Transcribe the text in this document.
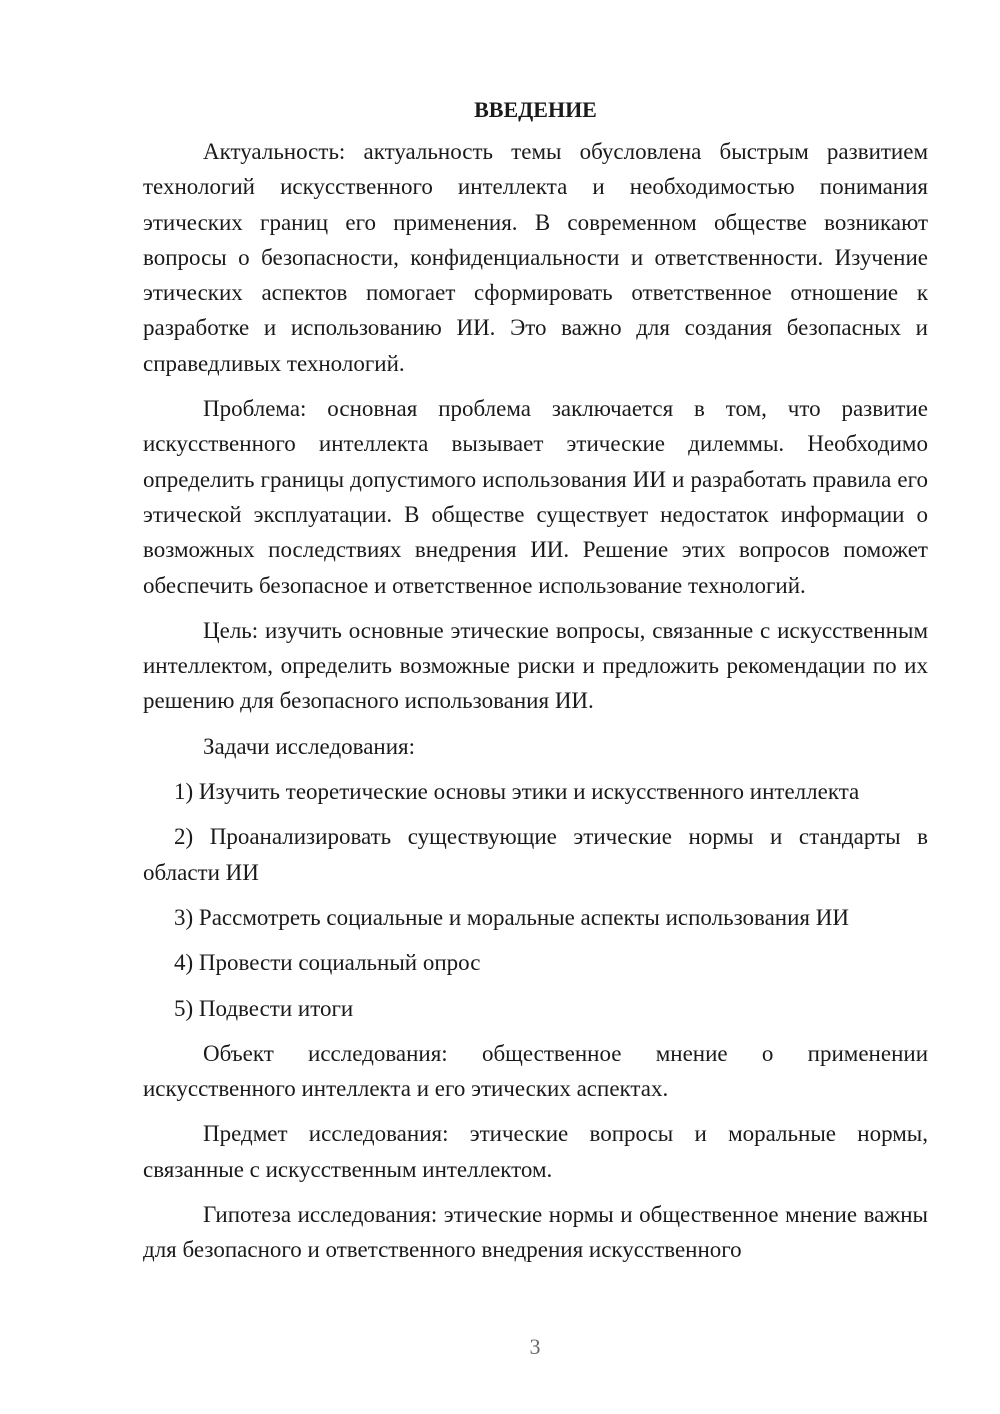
ВВЕДЕНИЕ

Актуальность: актуальность темы обусловлена быстрым развитием технологий искусственного интеллекта и необходимостью понимания этических границ его применения. В современном обществе возникают вопросы о безопасности, конфиденциальности и ответственности. Изучение этических аспектов помогает сформировать ответственное отношение к разработке и использованию ИИ. Это важно для создания безопасных и справедливых технологий.

Проблема: основная проблема заключается в том, что развитие искусственного интеллекта вызывает этические дилеммы. Необходимо определить границы допустимого использования ИИ и разработать правила его этической эксплуатации. В обществе существует недостаток информации о возможных последствиях внедрения ИИ. Решение этих вопросов поможет обеспечить безопасное и ответственное использование технологий.

Цель: изучить основные этические вопросы, связанные с искусственным интеллектом, определить возможные риски и предложить рекомендации по их решению для безопасного использования ИИ.

Задачи исследования:

1) Изучить теоретические основы этики и искусственного интеллекта

2) Проанализировать существующие этические нормы и стандарты в области ИИ

3) Рассмотреть социальные и моральные аспекты использования ИИ

4) Провести социальный опрос

5) Подвести итоги

Объект исследования: общественное мнение о применении искусственного интеллекта и его этических аспектах.

Предмет исследования: этические вопросы и моральные нормы, связанные с искусственным интеллектом.

Гипотеза исследования: этические нормы и общественное мнение важны для безопасного и ответственного внедрения искусственного

3
